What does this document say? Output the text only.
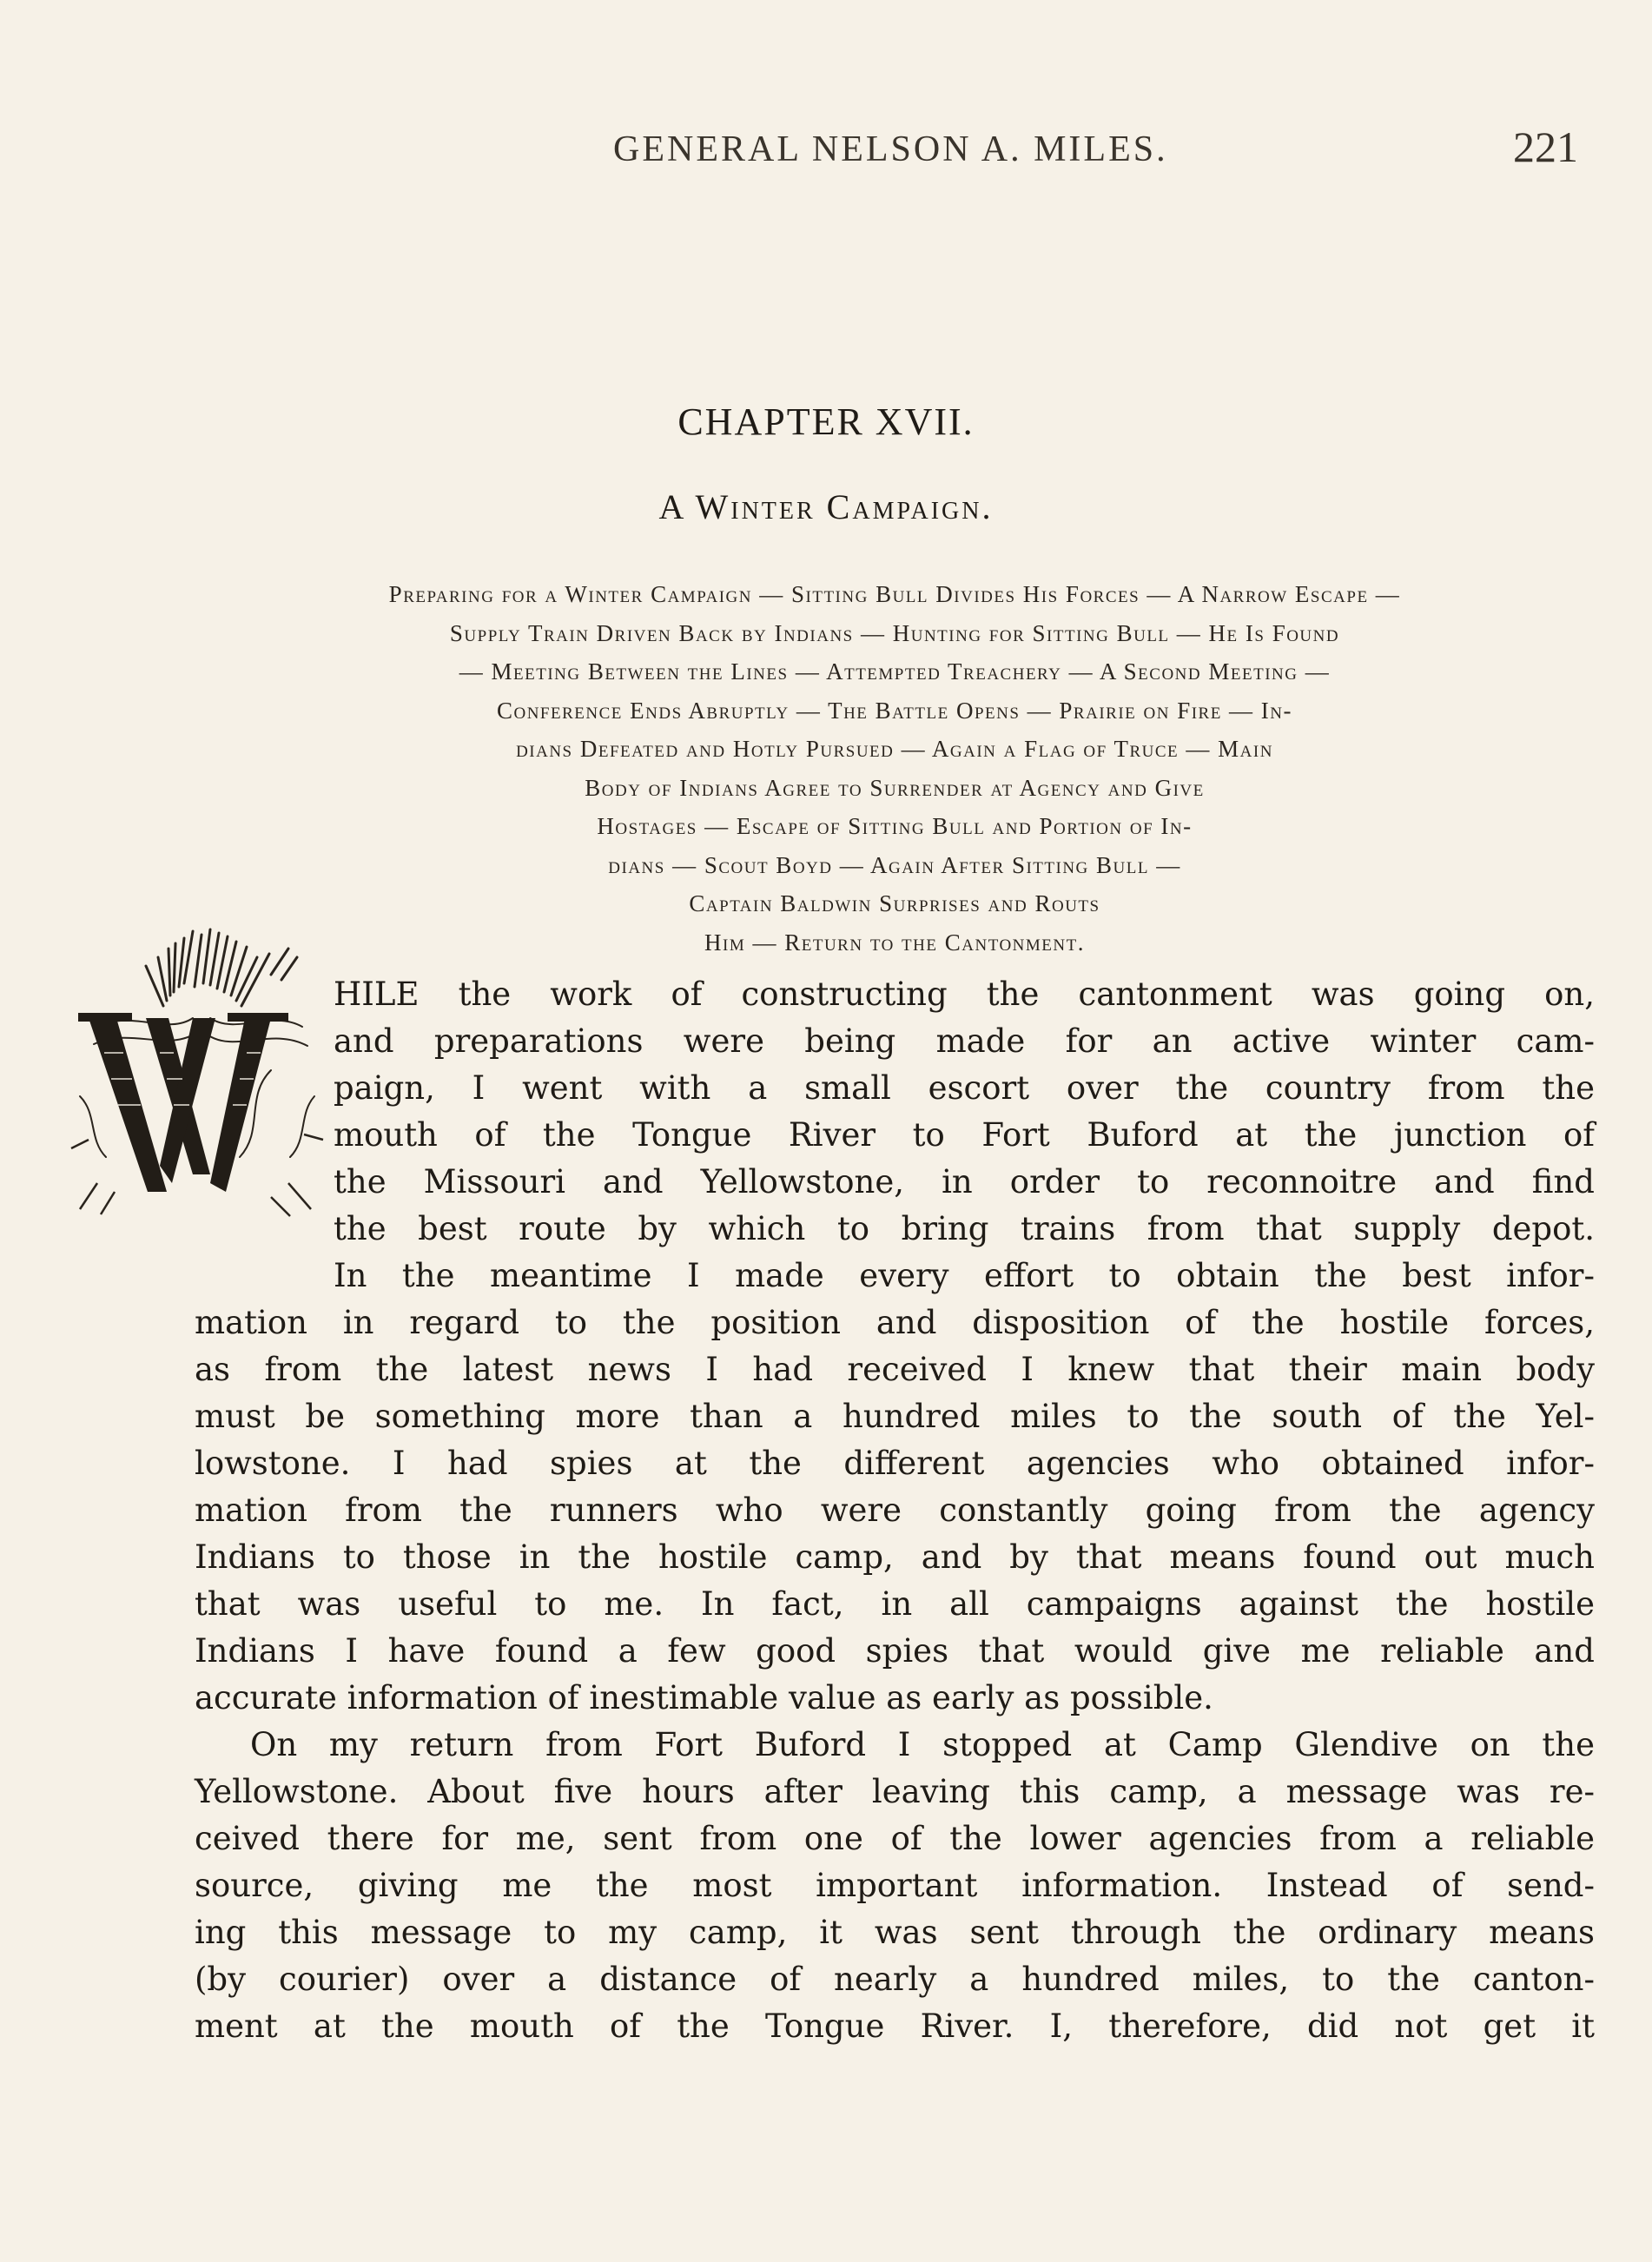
GENERAL NELSON A. MILES.	221
CHAPTER XVII.
A Winter Campaign.
Preparing for a Winter Campaign — Sitting Bull Divides His Forces — A Narrow Escape —
Supply Train Driven Back by Indians — Hunting for Sitting Bull — He Is Found
— Meeting Between the Lines — Attempted Treachery — A Second Meeting —
Conference Ends Abruptly — The Battle Opens — Prairie on Fire — In-
dians Defeated and Hotly Pursued — Again a Flag of Truce — Main
Body of Indians Agree to Surrender at Agency and Give
Hostages — Escape of Sitting Bull and Portion of In-
dians — Scout Boyd — Again After Sitting Bull —
Captain Baldwin Surprises and Routs
Him — Return to the Cantonment.
HILE the work of constructing the cantonment was going on,
and preparations were being made for an active winter cam-
paign, I went with a small escort over the country from the
mouth of the Tongue River to Fort Buford at the junction of
the Missouri and Yellowstone, in order to reconnoitre and find
the best route by which to bring trains from that supply depot.
In the meantime I made every effort to obtain the best infor-
mation in regard to the position and disposition of the hostile forces,
as from the latest news I had received I knew that their main body
must be something more than a hundred miles to the south of the Yel-
lowstone. I had spies at the different agencies who obtained infor-
mation from the runners who were constantly going from the agency
Indians to those in the hostile camp, and by that means found out much
that was useful to me. In fact, in all campaigns against the hostile
Indians I have found a few good spies that would give me reliable and
accurate information of inestimable value as early as possible.
On my return from Fort Buford I stopped at Camp Glendive on the
Yellowstone. About five hours after leaving this camp, a message was re-
ceived there for me, sent from one of the lower agencies from a reliable
source, giving me the most important information. Instead of send-
ing this message to my camp, it was sent through the ordinary means
(by courier) over a distance of nearly a hundred miles, to the canton-
ment at the mouth of the Tongue River. I, therefore, did not get it
